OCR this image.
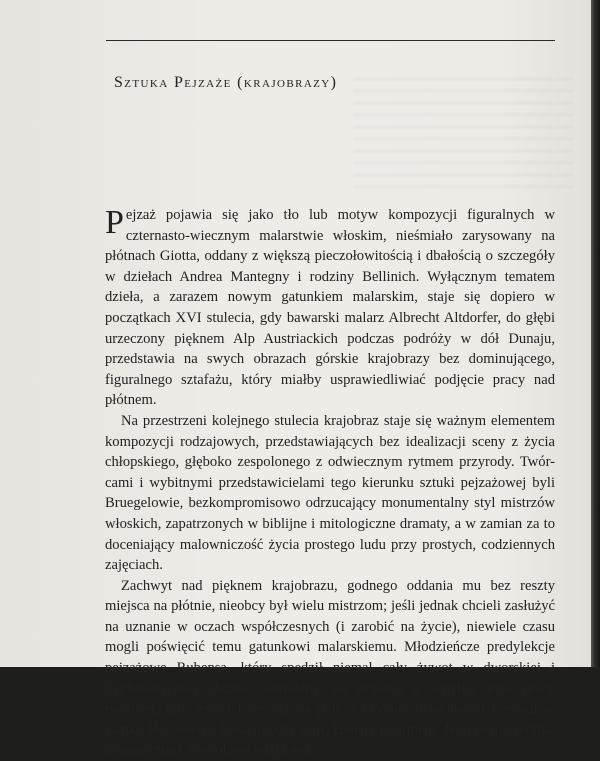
Sztuka Pejzaże (krajobrazy)

Pejzaż pojawia się jako tło lub motyw kompozycji figuralnych w czternasto-wiecznym malarstwie włoskim, nieśmiało zarysowany na płótnach Giotta, oddany z większą pieczołowitością i dbałością o szczegóły w dziełach Andrea Mantegny i rodziny Bellinich. Wyłącznym tematem dzieła, a zarazem nowym gatunkiem malarskim, staje się dopiero w początkach XVI stulecia, gdy bawarski malarz Albrecht Altdorfer, do głębi urzeczony pięknem Alp Austriackich podczas podróży w dół Dunaju, przedstawia na swych obrazach górskie krajobrazy bez dominującego, figuralnego sztafażu, który miałby usprawiedliwiać podjęcie pracy nad płótnem.

Na przestrzeni kolejnego stulecia krajobraz staje się ważnym elementem kompozycji rodzajowych, przedstawiających bez idealizacji sceny z życia chłopskiego, głęboko zespolonego z odwiecznym rytmem przyrody. Twór-cami i wybitnymi przedstawicielami tego kierunku sztuki pejzażowej byli Bruegelowie, bezkompromisowo odrzucający monumentalny styl mistrzów włoskich, zapatrzonych w biblijne i mitologiczne dramaty, a w zamian za to doceniający malowniczość życia prostego ludu przy prostych, codziennych zajęciach.

Zachwyt nad pięknem krajobrazu, godnego oddania mu bez reszty miejsca na płótnie, nieobcy był wielu mistrzom; jeśli jednak chcieli zasłużyć na uznanie w oczach współczesnych (i zarobić na życie), niewiele czasu mogli poświęcić temu gatunkowi malarskiemu. Młodzieńcze predylekcje pejzażowe Rubensa, który spędził niemal cały żywot w dworskiej i dyplomatycznej służbie, odrodziły się dopiero u schyłku jego pracy twórczej, gdy wycofał się już na poły z czynnej działalności i osiadł w zamku Het Steen u boku młodej żony, Heleny Fourment. Jego bezpośrednia, dynamiczna i żywiołowa wizja wsi,
